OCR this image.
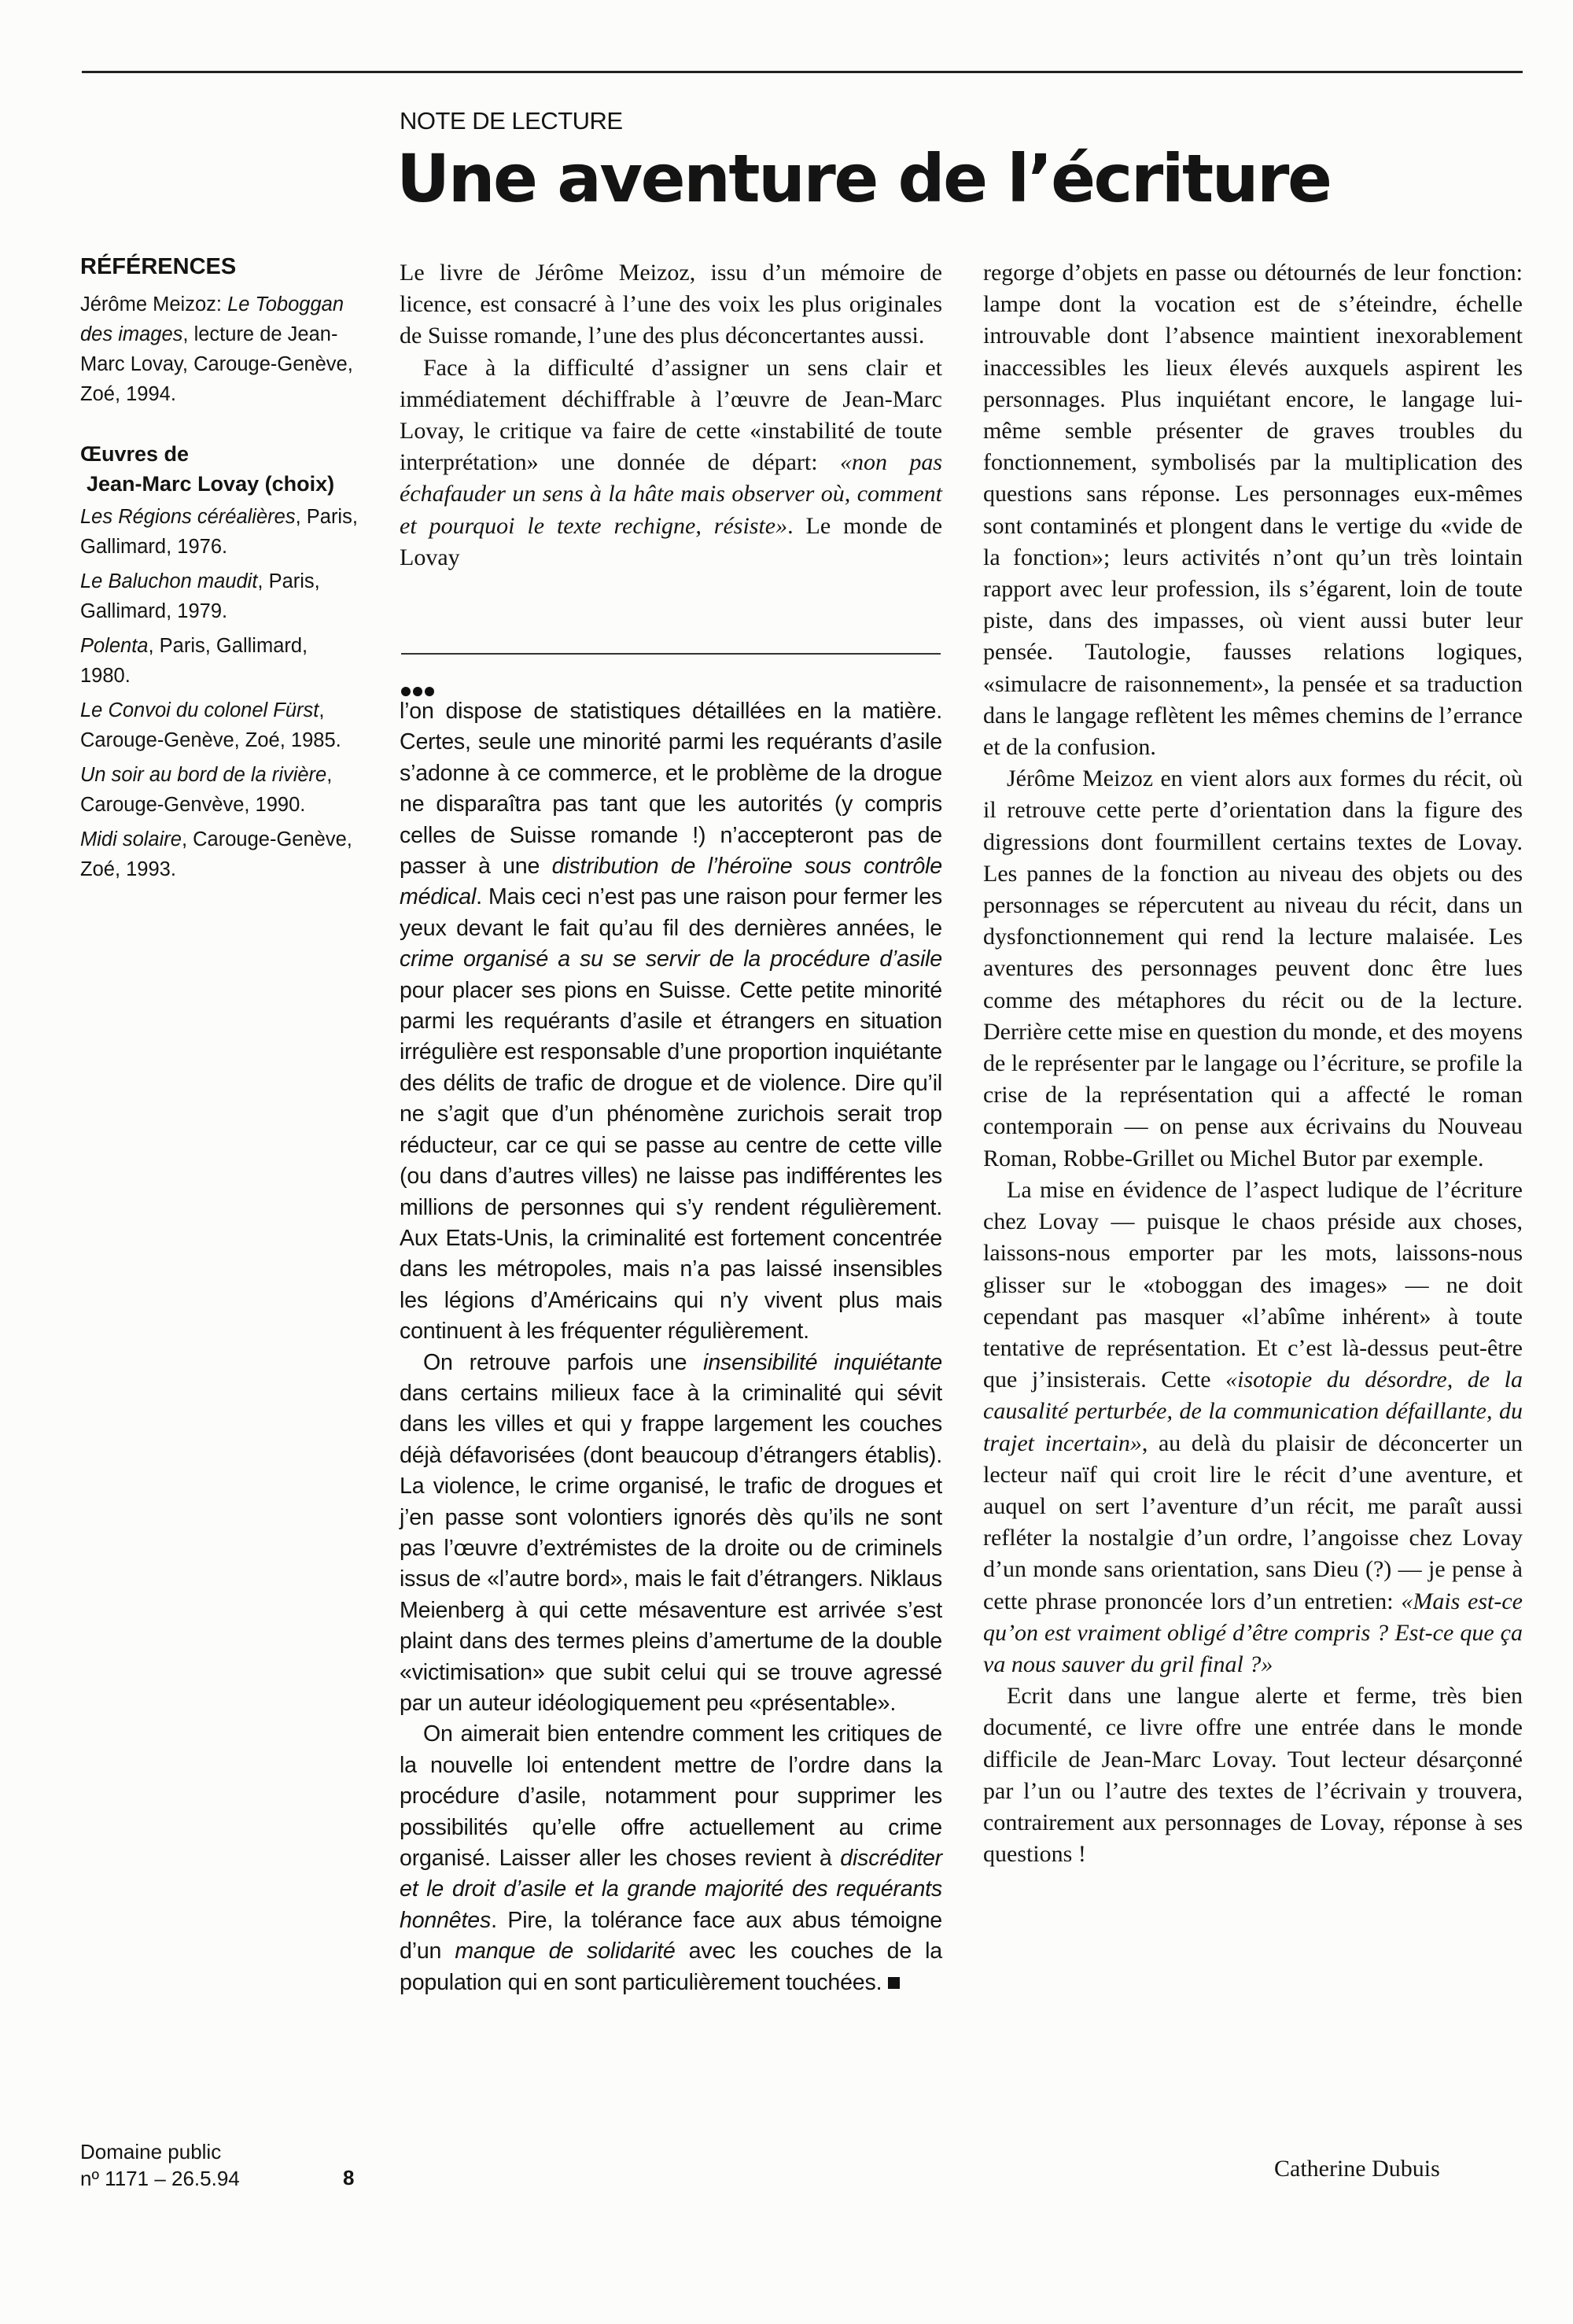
NOTE DE LECTURE
Une aventure de l’écriture
RÉFÉRENCES
Jérôme Meizoz: Le Toboggan des images, lecture de Jean-Marc Lovay, Carouge-Genève, Zoé, 1994.
Œuvres de
Jean-Marc Lovay (choix)
Les Régions céréalières, Paris, Gallimard, 1976.
Le Baluchon maudit, Paris, Gallimard, 1979.
Polenta, Paris, Gallimard, 1980.
Le Convoi du colonel Fürst, Carouge-Genève, Zoé, 1985.
Un soir au bord de la rivière, Carouge-Genvève, 1990.
Midi solaire, Carouge-Genève, Zoé, 1993.
Domaine public
nº 1171 – 26.5.94	8

Le livre de Jérôme Meizoz, issu d’un mémoire de licence, est consacré à l’une des voix les plus originales de Suisse romande, l’une des plus déconcertantes aussi.

Face à la difficulté d’assigner un sens clair et immédiatement déchiffrable à l’œuvre de Jean-Marc Lovay, le critique va faire de cette «instabilité de toute interprétation» une donnée de départ: «non pas échafauder un sens à la hâte mais observer où, comment et pourquoi le texte rechigne, résiste». Le monde de Lovay

l’on dispose de statistiques détaillées en la matière. Certes, seule une minorité parmi les requérants d’asile s’adonne à ce commerce, et le problème de la drogue ne disparaîtra pas tant que les autorités (y compris celles de Suisse romande !) n’accepteront pas de passer à une distribution de l’héroïne sous contrôle médical. Mais ceci n’est pas une raison pour fermer les yeux devant le fait qu’au fil des dernières années, le crime organisé a su se servir de la procédure d’asile pour placer ses pions en Suisse. Cette petite minorité parmi les requérants d’asile et étrangers en situation irrégulière est responsable d’une proportion inquiétante des délits de trafic de drogue et de violence. Dire qu’il ne s’agit que d’un phénomène zurichois serait trop réducteur, car ce qui se passe au centre de cette ville (ou dans d’autres villes) ne laisse pas indifférentes les millions de personnes qui s’y rendent régulièrement. Aux Etats-Unis, la criminalité est fortement concentrée dans les métropoles, mais n’a pas laissé insensibles les légions d’Américains qui n’y vivent plus mais continuent à les fréquenter régulièrement.

On retrouve parfois une insensibilité inquiétante dans certains milieux face à la criminalité qui sévit dans les villes et qui y frappe largement les couches déjà défavorisées (dont beaucoup d’étrangers établis). La violence, le crime organisé, le trafic de drogues et j’en passe sont volontiers ignorés dès qu’ils ne sont pas l’œuvre d’extrémistes de la droite ou de criminels issus de «l’autre bord», mais le fait d’étrangers. Niklaus Meienberg à qui cette mésaventure est arrivée s’est plaint dans des termes pleins d’amertume de la double «victimisation» que subit celui qui se trouve agressé par un auteur idéologiquement peu «présentable».

On aimerait bien entendre comment les critiques de la nouvelle loi entendent mettre de l’ordre dans la procédure d’asile, notamment pour supprimer les possibilités qu’elle offre actuellement au crime organisé. Laisser aller les choses revient à discréditer et le droit d’asile et la grande majorité des requérants honnêtes. Pire, la tolérance face aux abus témoigne d’un manque de solidarité avec les couches de la population qui en sont particulièrement touchées.

regorge d’objets en passe ou détournés de leur fonction: lampe dont la vocation est de s’éteindre, échelle introuvable dont l’absence maintient inexorablement inaccessibles les lieux élevés auxquels aspirent les personnages. Plus inquiétant encore, le langage lui-même semble présenter de graves troubles du fonctionnement, symbolisés par la multiplication des questions sans réponse. Les personnages eux-mêmes sont contaminés et plongent dans le vertige du «vide de la fonction»; leurs activités n’ont qu’un très lointain rapport avec leur profession, ils s’égarent, loin de toute piste, dans des impasses, où vient aussi buter leur pensée. Tautologie, fausses relations logiques, «simulacre de raisonnement», la pensée et sa traduction dans le langage reflètent les mêmes chemins de l’errance et de la confusion.

Jérôme Meizoz en vient alors aux formes du récit, où il retrouve cette perte d’orientation dans la figure des digressions dont fourmillent certains textes de Lovay. Les pannes de la fonction au niveau des objets ou des personnages se répercutent au niveau du récit, dans un dysfonctionnement qui rend la lecture malaisée. Les aventures des personnages peuvent donc être lues comme des métaphores du récit ou de la lecture. Derrière cette mise en question du monde, et des moyens de le représenter par le langage ou l’écriture, se profile la crise de la représentation qui a affecté le roman contemporain — on pense aux écrivains du Nouveau Roman, Robbe-Grillet ou Michel Butor par exemple.

La mise en évidence de l’aspect ludique de l’écriture chez Lovay — puisque le chaos préside aux choses, laissons-nous emporter par les mots, laissons-nous glisser sur le «toboggan des images» — ne doit cependant pas masquer «l’abîme inhérent» à toute tentative de représentation. Et c’est là-dessus peut-être que j’insisterais. Cette «isotopie du désordre, de la causalité perturbée, de la communication défaillante, du trajet incertain», au delà du plaisir de déconcerter un lecteur naïf qui croit lire le récit d’une aventure, et auquel on sert l’aventure d’un récit, me paraît aussi refléter la nostalgie d’un ordre, l’angoisse chez Lovay d’un monde sans orientation, sans Dieu (?) — je pense à cette phrase prononcée lors d’un entretien: «Mais est-ce qu’on est vraiment obligé d’être compris ? Est-ce que ça va nous sauver du gril final ?»

Ecrit dans une langue alerte et ferme, très bien documenté, ce livre offre une entrée dans le monde difficile de Jean-Marc Lovay. Tout lecteur désarçonné par l’un ou l’autre des textes de l’écrivain y trouvera, contrairement aux personnages de Lovay, réponse à ses questions !

Catherine Dubuis
